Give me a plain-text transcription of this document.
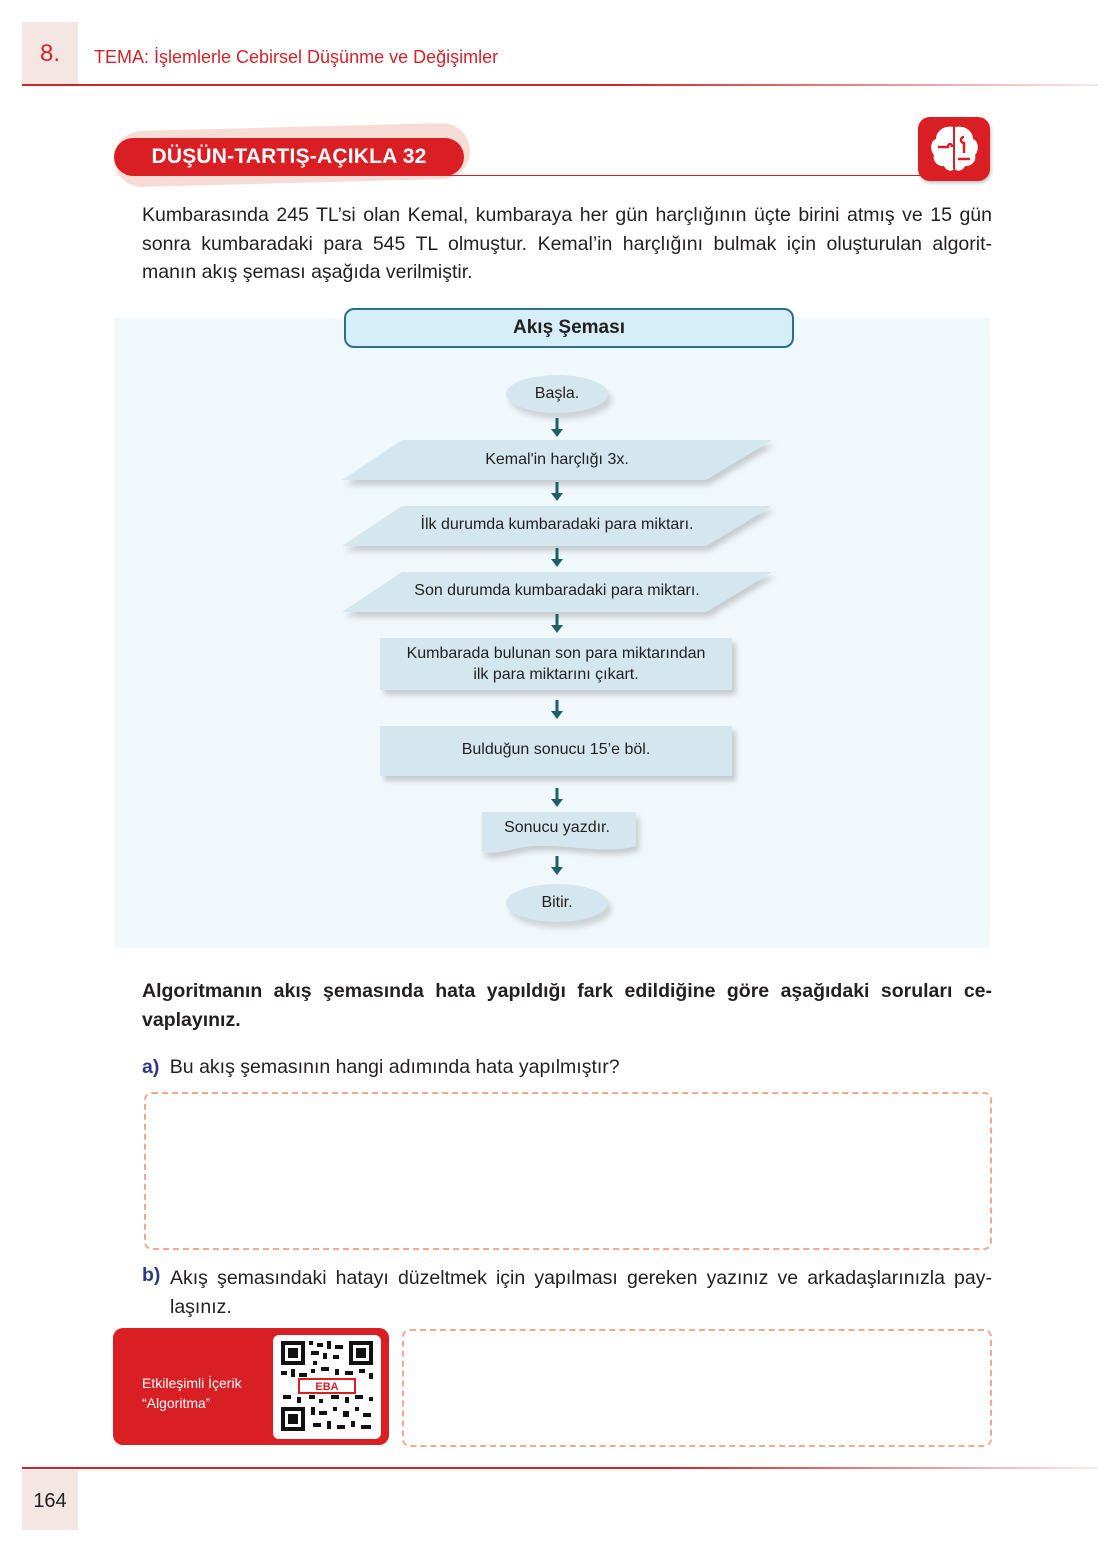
8.	TEMA: İşlemlerle Cebirsel Düşünme ve Değişimler
DÜŞÜN-TARTIŞ-AÇIKLA 32
Kumbarasında 245 TL’si olan Kemal, kumbaraya her gün harçlığının üçte birini atmış ve 15 gün
sonra kumbaradaki para 545 TL olmuştur. Kemal’in harçlığını bulmak için oluşturulan algorit-
manın akış şeması aşağıda verilmiştir.
Akış Şeması
Başla.
Kemal'in harçlığı 3x.
İlk durumda kumbaradaki para miktarı.
Son durumda kumbaradaki para miktarı.
Kumbarada bulunan son para miktarından
ilk para miktarını çıkart.
Bulduğun sonucu 15’e böl.
Sonucu yazdır.
Bitir.
Algoritmanın akış şemasında hata yapıldığı fark edildiğine göre aşağıdaki soruları ce-
vaplayınız.
a) Bu akış şemasının hangi adımında hata yapılmıştır?
b) Akış şemasındaki hatayı düzeltmek için yapılması gereken yazınız ve arkadaşlarınızla pay-
laşınız.
Etkileşimli İçerik
“Algoritma”
EBA
164
